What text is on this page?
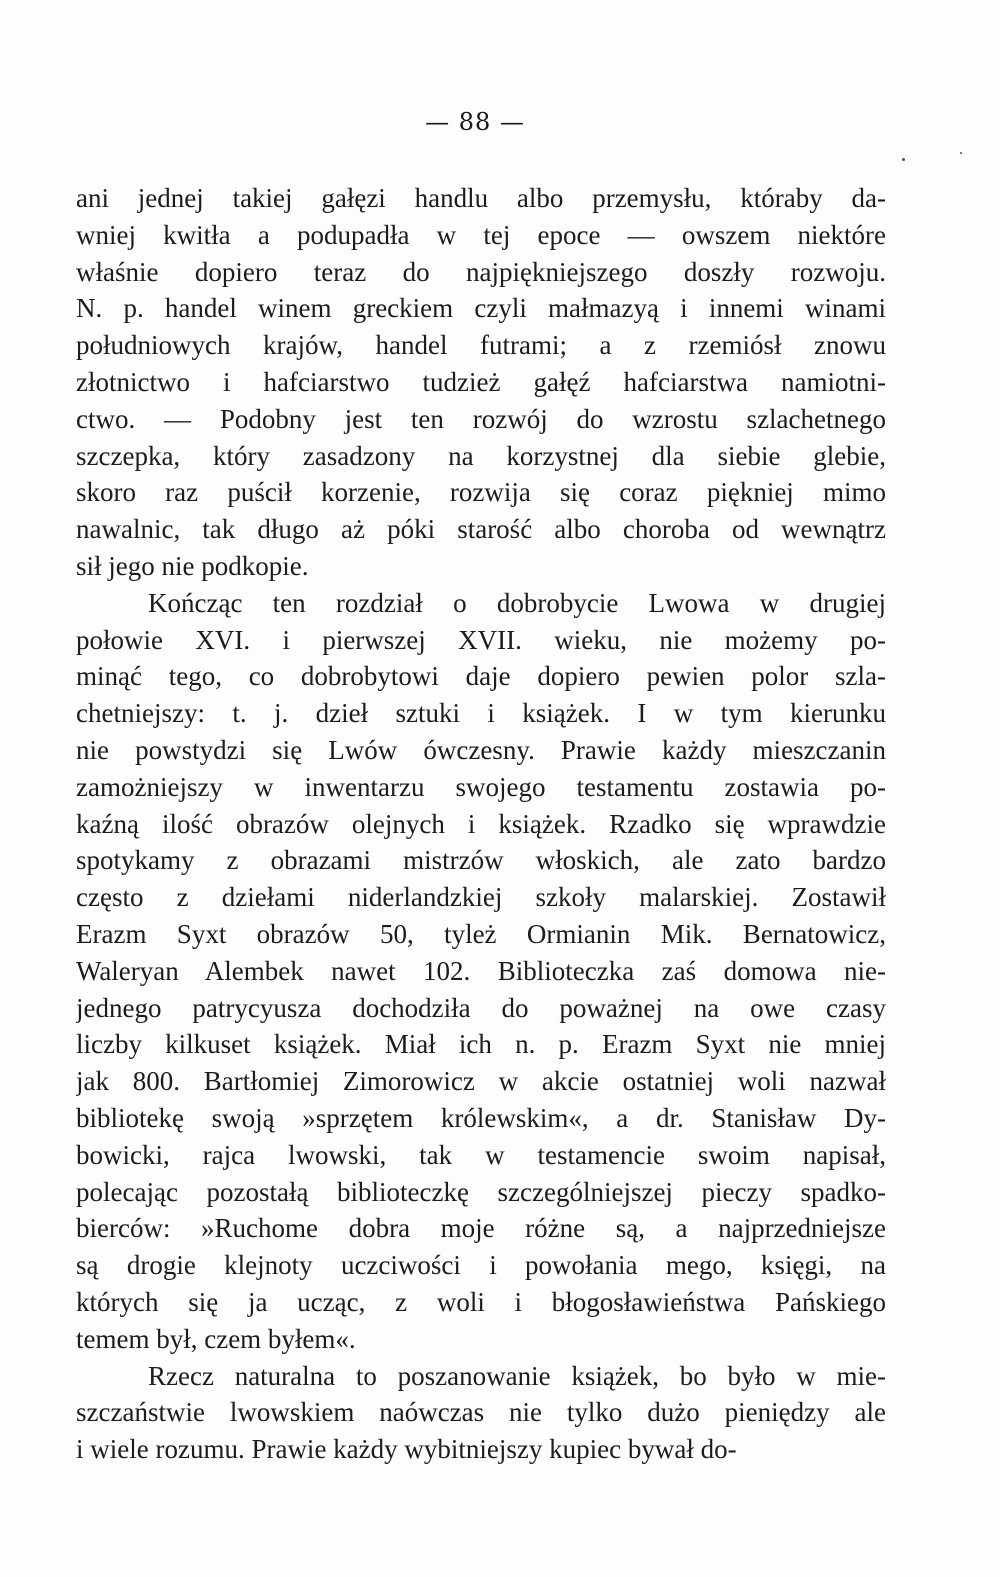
— 88 —
ani jednej takiej gałęzi handlu albo przemysłu, któraby da-
wniej kwitła a podupadła w tej epoce — owszem niektóre
właśnie dopiero teraz do najpiękniejszego doszły rozwoju.
N. p. handel winem greckiem czyli małmazyą i innemi winami
południowych krajów, handel futrami; a z rzemiósł znowu
złotnictwo i hafciarstwo tudzież gałęź hafciarstwa namiotni-
ctwo. — Podobny jest ten rozwój do wzrostu szlachetnego
szczepka, który zasadzony na korzystnej dla siebie glebie,
skoro raz puścił korzenie, rozwija się coraz piękniej mimo
nawalnic, tak długo aż póki starość albo choroba od wewnątrz
sił jego nie podkopie.
Kończąc ten rozdział o dobrobycie Lwowa w drugiej
połowie XVI. i pierwszej XVII. wieku, nie możemy po-
minąć tego, co dobrobytowi daje dopiero pewien polor szla-
chetniejszy: t. j. dzieł sztuki i książek. I w tym kierunku
nie powstydzi się Lwów ówczesny. Prawie każdy mieszczanin
zamożniejszy w inwentarzu swojego testamentu zostawia po-
kaźną ilość obrazów olejnych i książek. Rzadko się wprawdzie
spotykamy z obrazami mistrzów włoskich, ale zato bardzo
często z dziełami niderlandzkiej szkoły malarskiej. Zostawił
Erazm Syxt obrazów 50, tyleż Ormianin Mik. Bernatowicz,
Waleryan Alembek nawet 102. Biblioteczka zaś domowa nie-
jednego patrycyusza dochodziła do poważnej na owe czasy
liczby kilkuset książek. Miał ich n. p. Erazm Syxt nie mniej
jak 800. Bartłomiej Zimorowicz w akcie ostatniej woli nazwał
bibliotekę swoją »sprzętem królewskim«, a dr. Stanisław Dy-
bowicki, rajca lwowski, tak w testamencie swoim napisał,
polecając pozostałą biblioteczkę szczególniejszej pieczy spadko-
bierców: »Ruchome dobra moje różne są, a najprzedniejsze
są drogie klejnoty uczciwości i powołania mego, księgi, na
których się ja ucząc, z woli i błogosławieństwa Pańskiego
temem był, czem byłem«.
Rzecz naturalna to poszanowanie książek, bo było w mie-
szczaństwie lwowskiem naówczas nie tylko dużo pieniędzy ale
i wiele rozumu. Prawie każdy wybitniejszy kupiec bywał do-
